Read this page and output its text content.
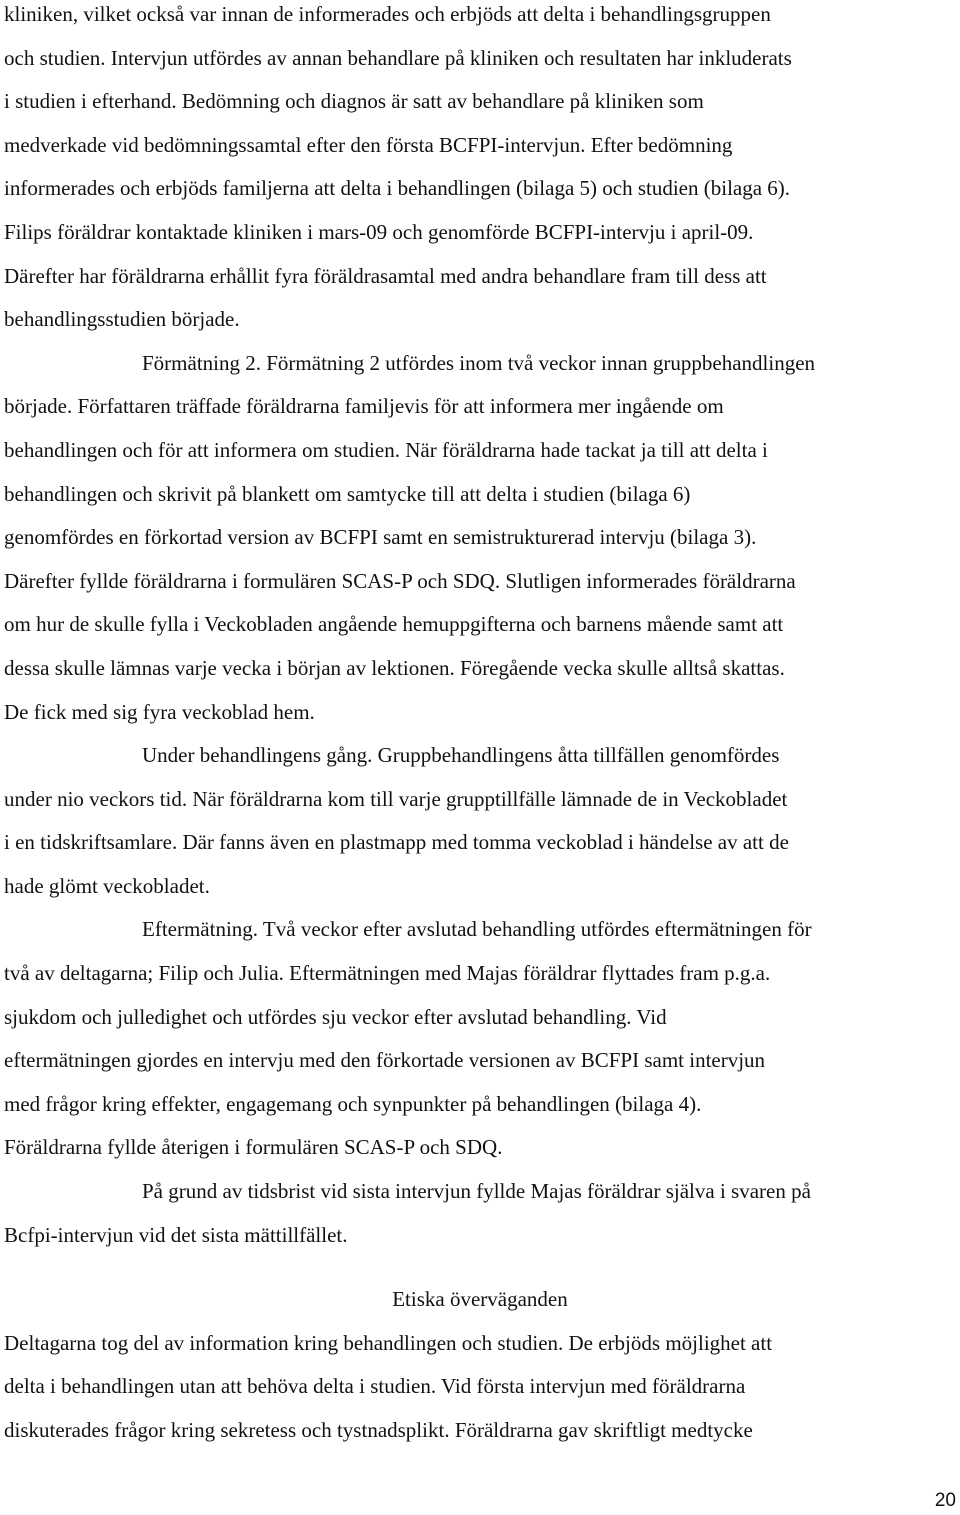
kliniken, vilket också var innan de informerades och erbjöds att delta i behandlingsgruppen
och studien. Intervjun utfördes av annan behandlare på kliniken och resultaten har inkluderats
i studien i efterhand. Bedömning och diagnos är satt av behandlare på kliniken som
medverkade vid bedömningssamtal efter den första BCFPI-intervjun. Efter bedömning
informerades och erbjöds familjerna att delta i behandlingen (bilaga 5) och studien (bilaga 6).
Filips föräldrar kontaktade kliniken i mars-09 och genomförde BCFPI-intervju i april-09.
Därefter har föräldrarna erhållit fyra föräldrasamtal med andra behandlare fram till dess att
behandlingsstudien började.
Förmätning 2. Förmätning 2 utfördes inom två veckor innan gruppbehandlingen
började. Författaren träffade föräldrarna familjevis för att informera mer ingående om
behandlingen och för att informera om studien. När föräldrarna hade tackat ja till att delta i
behandlingen och skrivit på blankett om samtycke till att delta i studien (bilaga 6)
genomfördes en förkortad version av BCFPI samt en semistrukturerad intervju (bilaga 3).
Därefter fyllde föräldrarna i formulären SCAS-P och SDQ. Slutligen informerades föräldrarna
om hur de skulle fylla i Veckobladen angående hemuppgifterna och barnens mående samt att
dessa skulle lämnas varje vecka i början av lektionen. Föregående vecka skulle alltså skattas.
De fick med sig fyra veckoblad hem.
Under behandlingens gång. Gruppbehandlingens åtta tillfällen genomfördes
under nio veckors tid. När föräldrarna kom till varje grupptillfälle lämnade de in Veckobladet
i en tidskriftsamlare. Där fanns även en plastmapp med tomma veckoblad i händelse av att de
hade glömt veckobladet.
Eftermätning. Två veckor efter avslutad behandling utfördes eftermätningen för
två av deltagarna; Filip och Julia. Eftermätningen med Majas föräldrar flyttades fram p.g.a.
sjukdom och julledighet och utfördes sju veckor efter avslutad behandling. Vid
eftermätningen gjordes en intervju med den förkortade versionen av BCFPI samt intervjun
med frågor kring effekter, engagemang och synpunkter på behandlingen (bilaga 4).
Föräldrarna fyllde återigen i formulären SCAS-P och SDQ.
På grund av tidsbrist vid sista intervjun fyllde Majas föräldrar själva i svaren på
Bcfpi-intervjun vid det sista mättillfället.
Etiska överväganden
Deltagarna tog del av information kring behandlingen och studien. De erbjöds möjlighet att
delta i behandlingen utan att behöva delta i studien. Vid första intervjun med föräldrarna
diskuterades frågor kring sekretess och tystnadsplikt. Föräldrarna gav skriftligt medtycke
20
